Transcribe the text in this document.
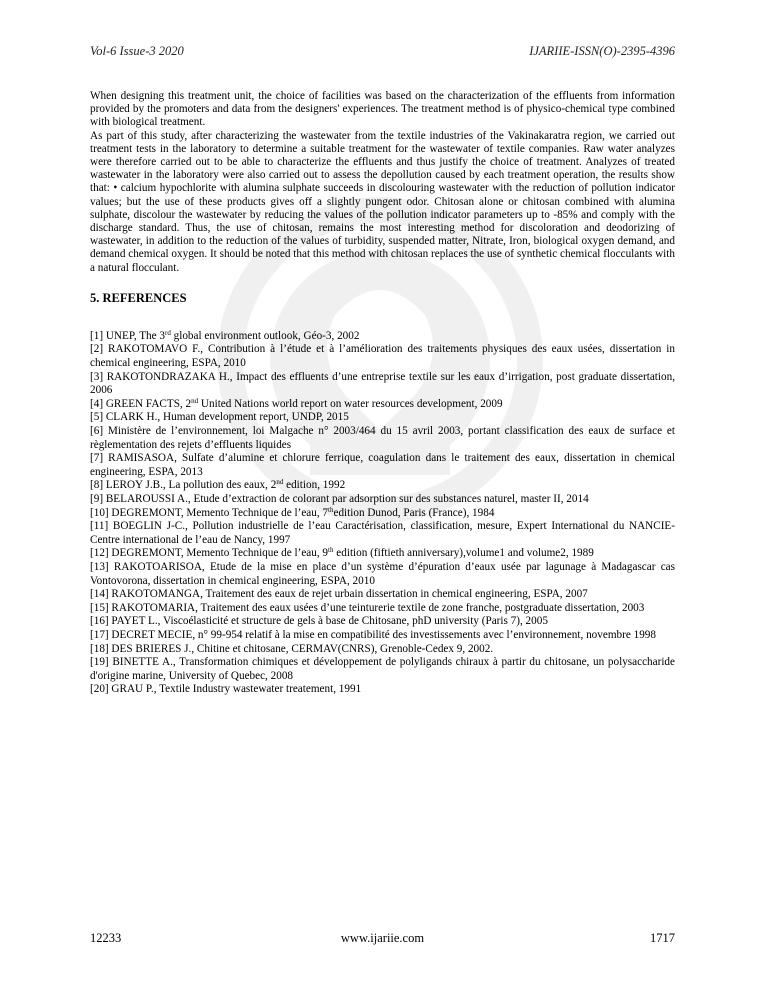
Vol-6 Issue-3 2020	IJARIIE-ISSN(O)-2395-4396

When designing this treatment unit, the choice of facilities was based on the characterization of the effluents from information provided by the promoters and data from the designers' experiences. The treatment method is of physico-chemical type combined with biological treatment.

As part of this study, after characterizing the wastewater from the textile industries of the Vakinakaratra region, we carried out treatment tests in the laboratory to determine a suitable treatment for the wastewater of textile companies. Raw water analyzes were therefore carried out to be able to characterize the effluents and thus justify the choice of treatment. Analyzes of treated wastewater in the laboratory were also carried out to assess the depollution caused by each treatment operation, the results show that: • calcium hypochlorite with alumina sulphate succeeds in discolouring wastewater with the reduction of pollution indicator values; but the use of these products gives off a slightly pungent odor. Chitosan alone or chitosan combined with alumina sulphate, discolour the wastewater by reducing the values of the pollution indicator parameters up to -85% and comply with the discharge standard. Thus, the use of chitosan, remains the most interesting method for discoloration and deodorizing of wastewater, in addition to the reduction of the values of turbidity, suspended matter, Nitrate, Iron, biological oxygen demand, and demand chemical oxygen. It should be noted that this method with chitosan replaces the use of synthetic chemical flocculants with a natural flocculant.

5. REFERENCES
[1] UNEP, The 3rd global environment outlook, Géo-3, 2002
[2] RAKOTOMAVO F., Contribution à l’étude et à l’amélioration des traitements physiques des eaux usées, dissertation in chemical engineering, ESPA, 2010
[3] RAKOTONDRAZAKA H., Impact des effluents d’une entreprise textile sur les eaux d’irrigation, post graduate dissertation, 2006
[4] GREEN FACTS, 2nd United Nations world report on water resources development, 2009
[5] CLARK H., Human development report, UNDP, 2015
[6] Ministère de l’environnement, loi Malgache n° 2003/464 du 15 avril 2003, portant classification des eaux de surface et règlementation des rejets d’effluents liquides
[7] RAMISASOA, Sulfate d’alumine et chlorure ferrique, coagulation dans le traitement des eaux, dissertation in chemical engineering, ESPA, 2013
[8] LEROY J.B., La pollution des eaux, 2nd edition, 1992
[9] BELAROUSSI A., Etude d’extraction de colorant par adsorption sur des substances naturel, master II, 2014
[10] DEGREMONT, Memento Technique de l’eau, 7thedition Dunod, Paris (France), 1984
[11] BOEGLIN J-C., Pollution industrielle de l’eau Caractérisation, classification, mesure, Expert International du NANCIE-Centre international de l’eau de Nancy, 1997
[12] DEGREMONT, Memento Technique de l’eau, 9th edition (fiftieth anniversary),volume1 and volume2, 1989
[13] RAKOTOARISOA, Etude de la mise en place d’un système d’épuration d’eaux usée par lagunage à Madagascar cas Vontovorona, dissertation in chemical engineering, ESPA, 2010
[14] RAKOTOMANGA, Traitement des eaux de rejet urbain dissertation in chemical engineering, ESPA, 2007
[15] RAKOTOMARIA, Traitement des eaux usées d’une teinturerie textile de zone franche, postgraduate dissertation, 2003
[16] PAYET L., Viscoélasticité et structure de gels à base de Chitosane, phD university (Paris 7), 2005
[17] DECRET MECIE, n° 99-954 relatif à la mise en compatibilité des investissements avec l’environnement, novembre 1998
[18] DES BRIERES J., Chitine et chitosane, CERMAV(CNRS), Grenoble-Cedex 9, 2002.
[19] BINETTE A., Transformation chimiques et développement de polyligands chiraux à partir du chitosane, un polysaccharide d'origine marine, University of Quebec, 2008
[20] GRAU P., Textile Industry wastewater treatement, 1991
12233	www.ijariie.com	1717
